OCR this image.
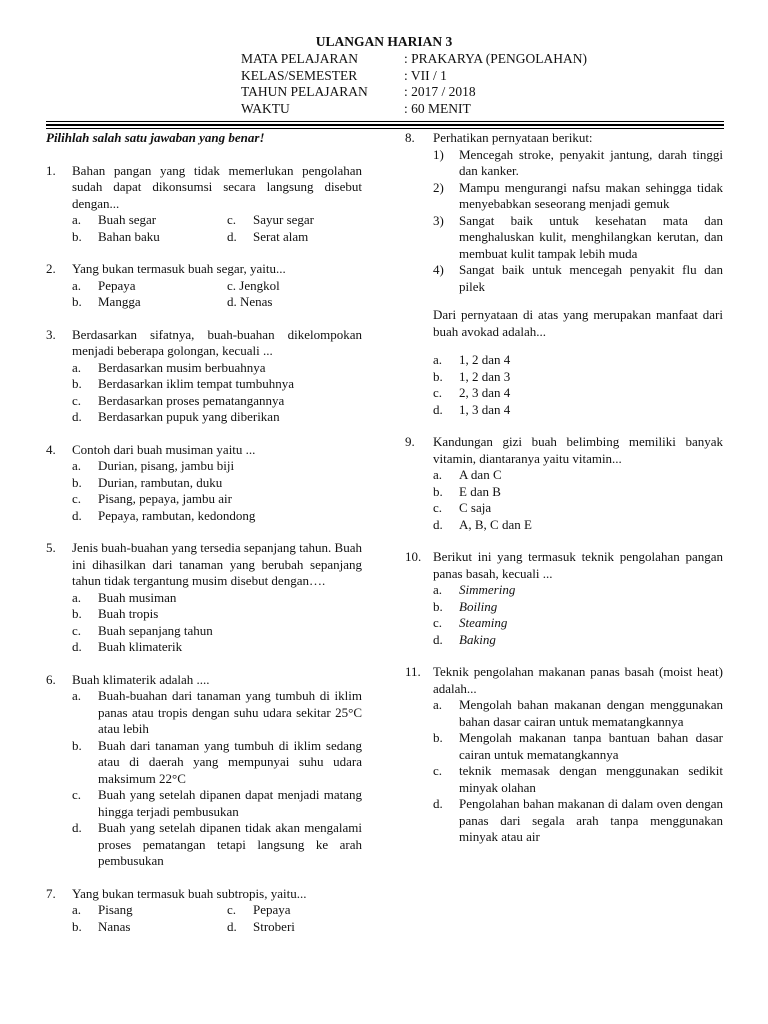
ULANGAN HARIAN 3
MATA PELAJARAN	: PRAKARYA (PENGOLAHAN)
KELAS/SEMESTER	: VII / 1
TAHUN PELAJARAN	: 2017 / 2018
WAKTU	: 60 MENIT
Pilihlah salah satu jawaban yang benar!
1. Bahan pangan yang tidak memerlukan pengolahan sudah dapat dikonsumsi secara langsung disebut dengan...
a. Buah segar	c. Sayur segar
b. Bahan baku	d. Serat alam
2. Yang bukan termasuk buah segar, yaitu...
a. Pepaya	c. Jengkol
b. Mangga	d. Nenas
3. Berdasarkan sifatnya, buah-buahan dikelompokan menjadi beberapa golongan, kecuali ...
a. Berdasarkan musim berbuahnya
b. Berdasarkan iklim tempat tumbuhnya
c. Berdasarkan proses pematangannya
d. Berdasarkan pupuk yang diberikan
4. Contoh dari buah musiman yaitu ...
a. Durian, pisang, jambu biji
b. Durian, rambutan, duku
c. Pisang, pepaya, jambu air
d. Pepaya, rambutan, kedondong
5. Jenis buah-buahan yang tersedia sepanjang tahun. Buah ini dihasilkan dari tanaman yang berubah sepanjang tahun tidak tergantung musim disebut dengan….
a. Buah musiman
b. Buah tropis
c. Buah sepanjang tahun
d. Buah klimaterik
6. Buah klimaterik adalah ....
a. Buah-buahan dari tanaman yang tumbuh di iklim panas atau tropis dengan suhu udara sekitar 25°C atau lebih
b. Buah dari tanaman yang tumbuh di iklim sedang atau di daerah yang mempunyai suhu udara maksimum 22°C
c. Buah yang setelah dipanen dapat menjadi matang hingga terjadi pembusukan
d. Buah yang setelah dipanen tidak akan mengalami proses pematangan tetapi langsung ke arah pembusukan
7. Yang bukan termasuk buah subtropis, yaitu...
a. Pisang	c. Pepaya
b. Nanas	d. Stroberi
8. Perhatikan pernyataan berikut:
1) Mencegah stroke, penyakit jantung, darah tinggi dan kanker.
2) Mampu mengurangi nafsu makan sehingga tidak menyebabkan seseorang menjadi gemuk
3) Sangat baik untuk kesehatan mata dan menghaluskan kulit, menghilangkan kerutan, dan membuat kulit tampak lebih muda
4) Sangat baik untuk mencegah penyakit flu dan pilek
Dari pernyataan di atas yang merupakan manfaat dari buah avokad adalah...
a. 1, 2 dan 4
b. 1, 2 dan 3
c. 2, 3 dan 4
d. 1, 3 dan 4
9. Kandungan gizi buah belimbing memiliki banyak vitamin, diantaranya yaitu vitamin...
a. A dan C
b. E dan B
c. C saja
d. A, B, C dan E
10. Berikut ini yang termasuk teknik pengolahan pangan panas basah, kecuali ...
a. Simmering
b. Boiling
c. Steaming
d. Baking
11. Teknik pengolahan makanan panas basah (moist heat) adalah...
a. Mengolah bahan makanan dengan menggunakan bahan dasar cairan untuk mematangkannya
b. Mengolah makanan tanpa bantuan bahan dasar cairan untuk mematangkannya
c. teknik memasak dengan menggunakan sedikit minyak olahan
d. Pengolahan bahan makanan di dalam oven dengan panas dari segala arah tanpa menggunakan minyak atau air
